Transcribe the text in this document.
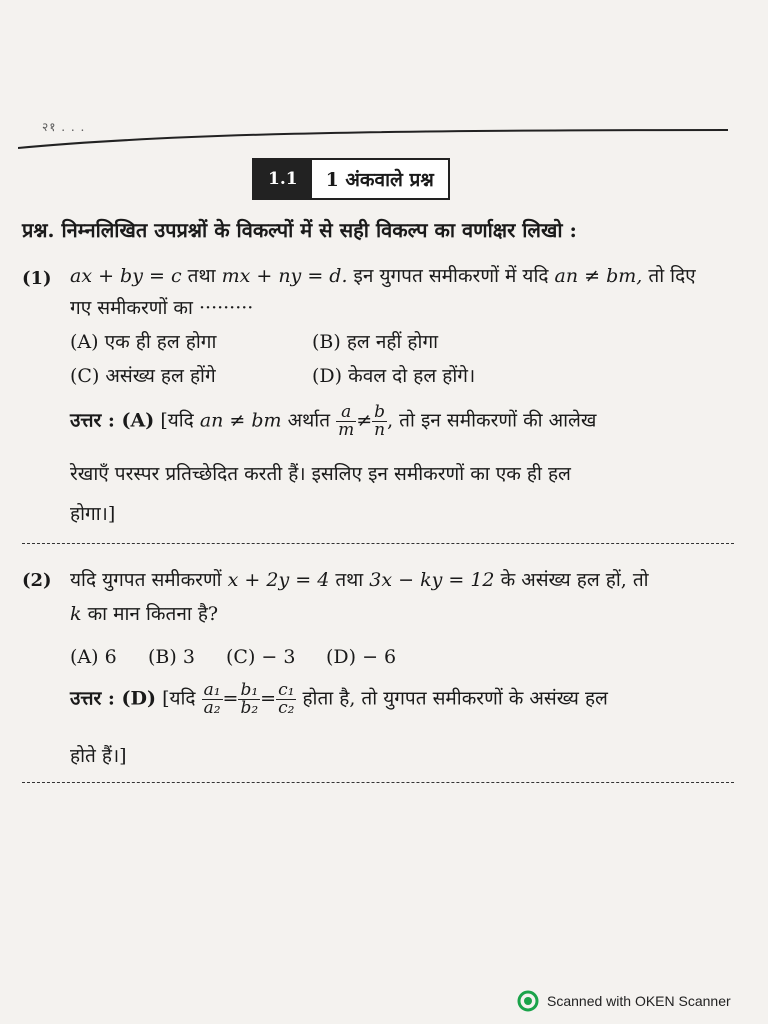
२१ . . .
1.1	1 अंकवाले प्रश्न
प्रश्न. निम्नलिखित उपप्रश्नों के विकल्पों में से सही विकल्प का वर्णाक्षर लिखो :
(1) ax + by = c तथा mx + ny = d. इन युगपत समीकरणों में यदि an ≠ bm, तो दिए
गए समीकरणों का ·········
(A) एक ही हल होगा	(B) हल नहीं होगा
(C) असंख्य हल होंगे	(D) केवल दो हल होंगे।
उत्तर : (A) [यदि an ≠ bm अर्थात $\frac{a}{m} \ne \frac{b}{n}$ , तो इन समीकरणों की आलेख
रेखाएँ परस्पर प्रतिच्छेदित करती हैं। इसलिए इन समीकरणों का एक ही हल
होगा।]
(2) यदि युगपत समीकरणों x + 2y = 4 तथा 3x − ky = 12 के असंख्य हल हों, तो
k का मान कितना है?
(A) 6 (B) 3 (C) − 3 (D) − 6
उत्तर : (D) [यदि $\frac{\text{a₁}}{\text{a₂}} = \frac{\text{b₁}}{\text{b₂}} = \frac{\text{c₁}}{\text{c₂}}$ होता है, तो युगपत समीकरणों के असंख्य हल
होते हैं।]
Scanned with OKEN Scanner
